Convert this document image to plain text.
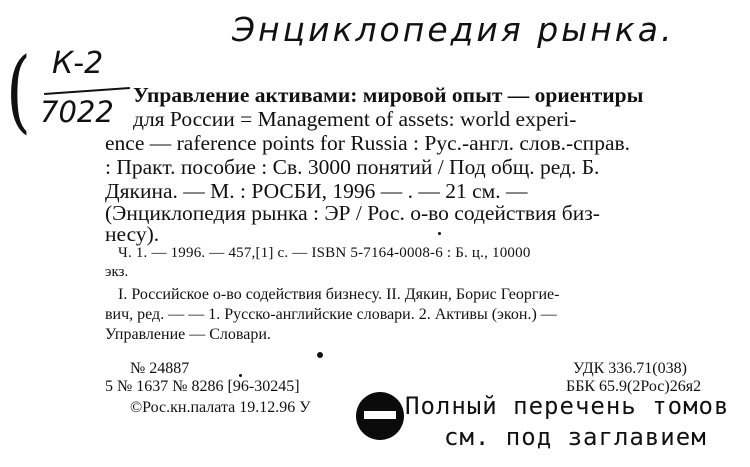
Энциклопедия рынка.
( К-2
7022 Управление активами: мировой опыт — ориентиры
для России = Management of assets: world experi-
ence — raference points for Russia : Рус.-англ. слов.-справ.
: Практ. пособие : Св. 3000 понятий / Под общ. ред. Б.
Дякина. — М. : РОСБИ, 1996 — . — 21 см. —
(Энциклопедия рынка : ЭР / Рос. о-во содействия биз-
несу).
Ч. 1. — 1996. — 457,[1] с. — ISBN 5-7164-0008-6 : Б. ц., 10000
экз.
I. Российское о-во содействия бизнесу. II. Дякин, Борис Георгие-
вич, ред. — — 1. Русско-английские словари. 2. Активы (экон.) —
Управление — Словари.
№ 24887
5 № 1637 № 8286 [96-30245]
©Рос.кн.палата 19.12.96 У
УДК 336.71(038)
ББК 65.9(2Рос)26я2
Полный перечень томов
см. под заглавием
